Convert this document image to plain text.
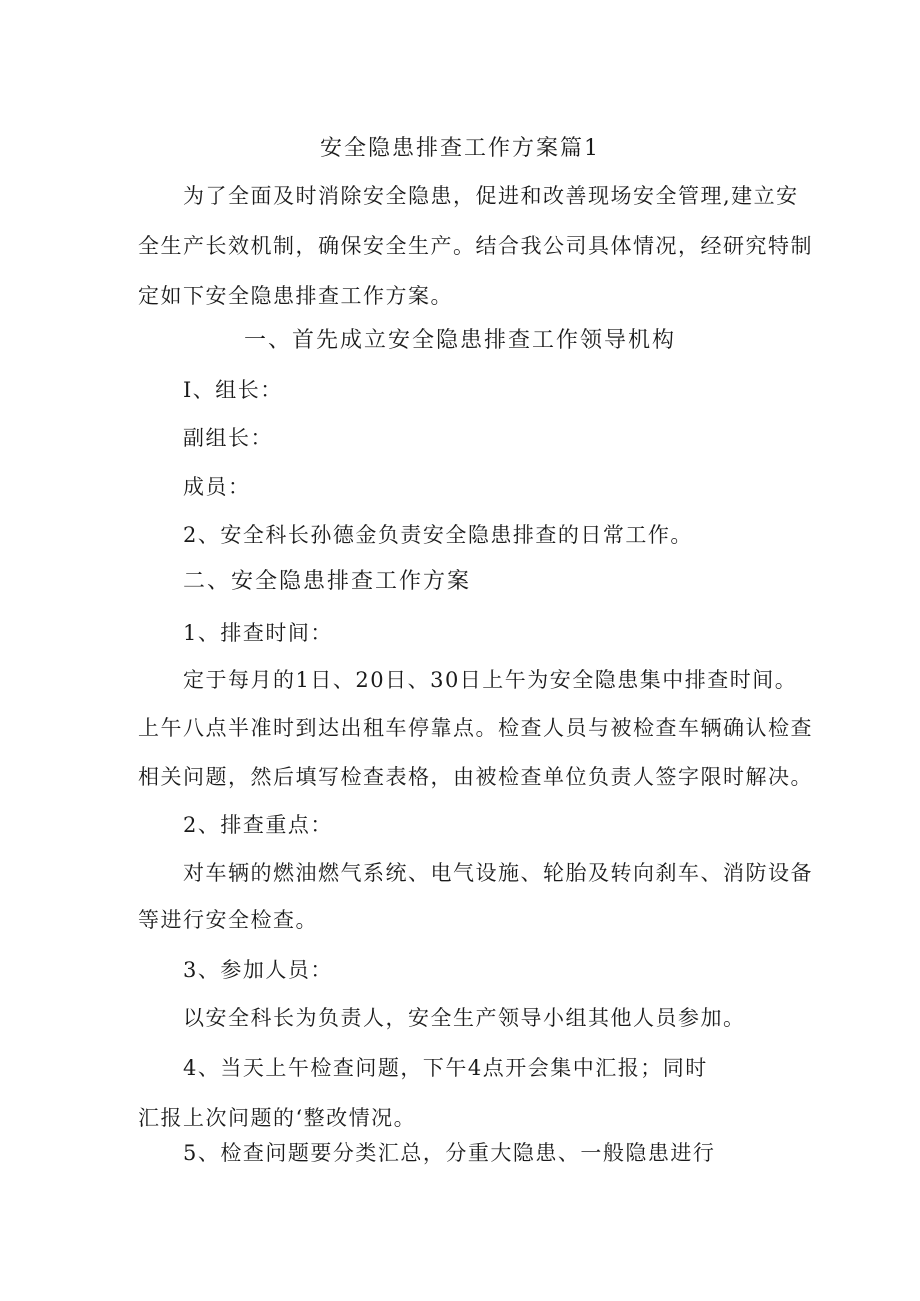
安全隐患排查工作方案篇1
为了全面及时消除安全隐患，促进和改善现场安全管理,建立安
全生产长效机制，确保安全生产。结合我公司具体情况，经研究特制
定如下安全隐患排查工作方案。
一、首先成立安全隐患排查工作领导机构
I、组长：
副组长：
成员：
2、安全科长孙德金负责安全隐患排查的日常工作。
二、安全隐患排查工作方案
1、排查时间：
定于每月的1日、20日、30日上午为安全隐患集中排查时间。
上午八点半准时到达出租车停靠点。检查人员与被检查车辆确认检查
相关问题，然后填写检查表格，由被检查单位负责人签字限时解决。
2、排查重点：
对车辆的燃油燃气系统、电气设施、轮胎及转向刹车、消防设备
等进行安全检查。
3、参加人员：
以安全科长为负责人，安全生产领导小组其他人员参加。
4、当天上午检查问题，下午4点开会集中汇报；同时
汇报上次问题的‘整改情况。
5、检查问题要分类汇总，分重大隐患、一般隐患进行
